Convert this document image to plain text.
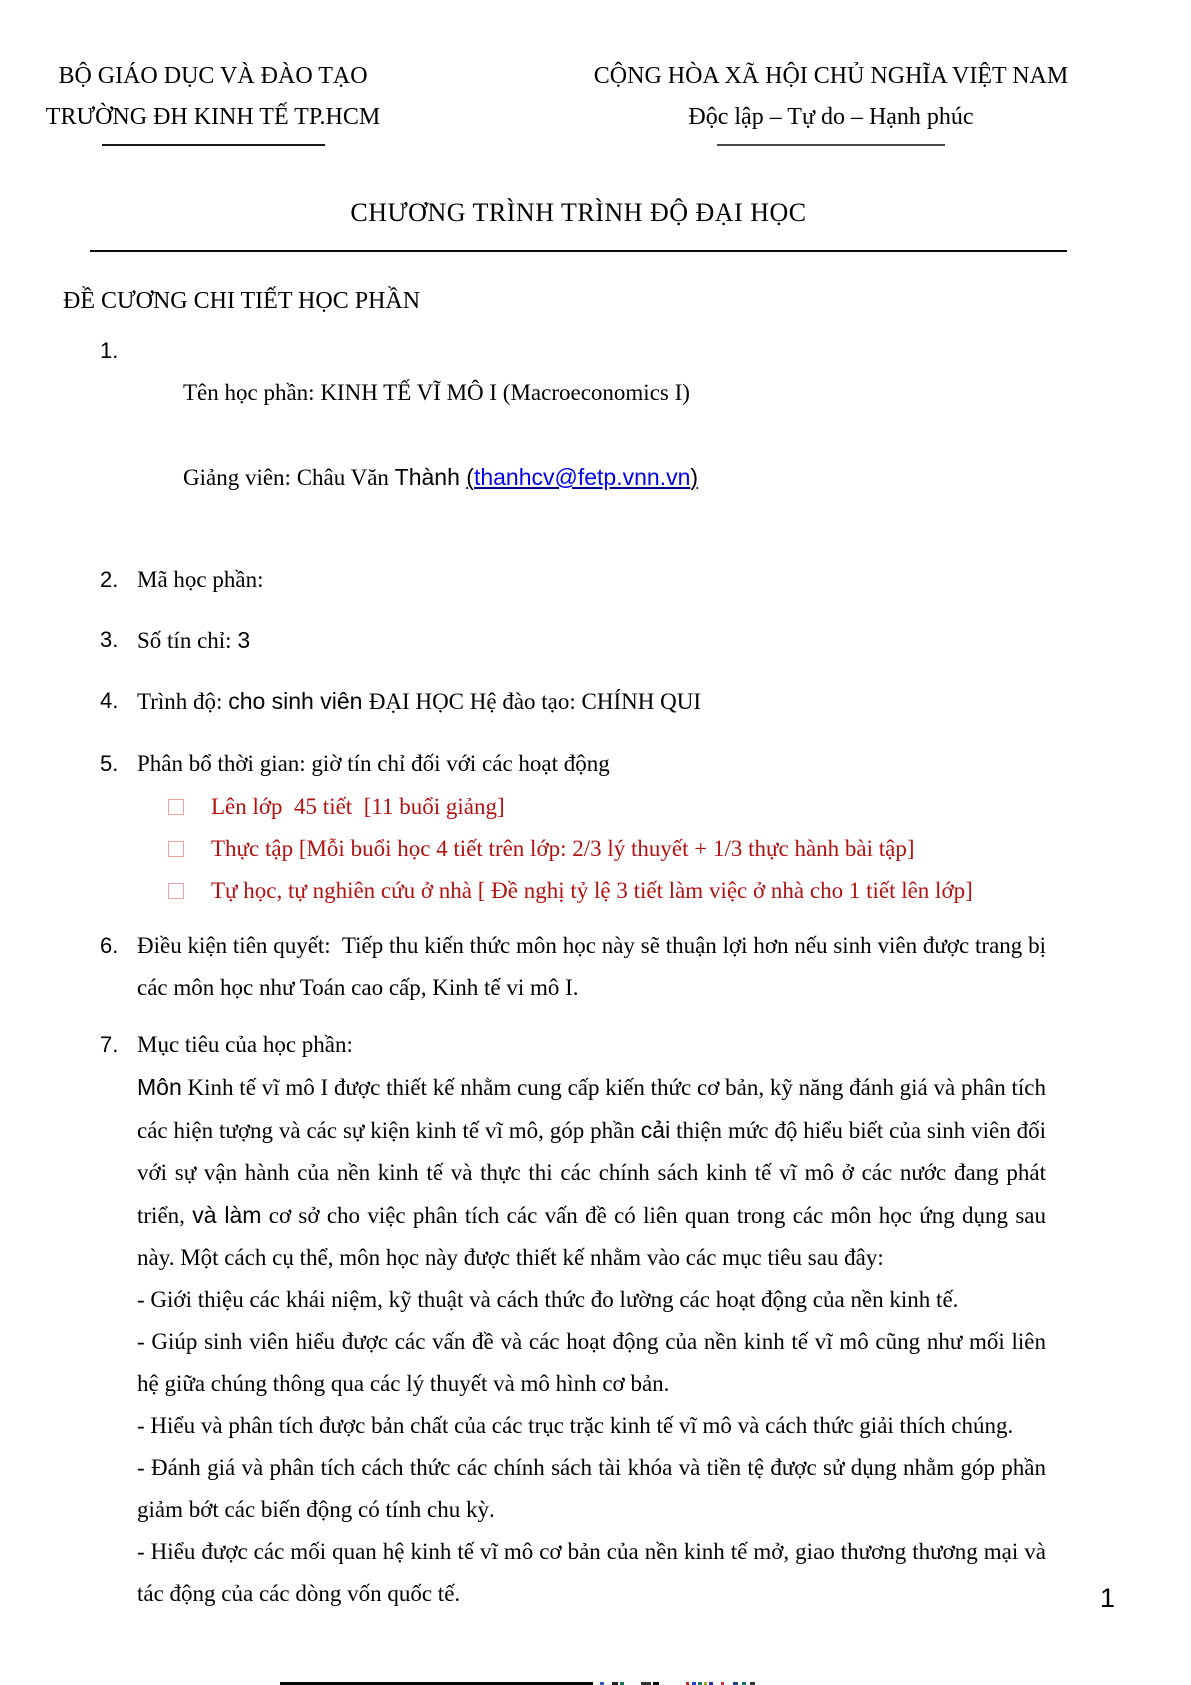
BỘ GIÁO DỤC VÀ ĐÀO TẠO
TRƯỜNG ĐH KINH TẾ TP.HCM
CỘNG HÒA XÃ HỘI CHỦ NGHĨA VIỆT NAM
Độc lập – Tự do – Hạnh phúc
CHƯƠNG TRÌNH TRÌNH ĐỘ ĐẠI HỌC
ĐỀ CƯƠNG CHI TIẾT HỌC PHẦN
1.

Tên học phần: KINH TẾ VĨ MÔ I (Macroeconomics I)

Giảng viên: Châu Văn Thành (thanhcv@fetp.vnn.vn)

2. Mã học phần:
3. Số tín chỉ: 3
4. Trình độ: cho sinh viên ĐẠI HỌC Hệ đào tạo: CHÍNH QUI
5. Phân bổ thời gian: giờ tín chỉ đối với các hoạt động
Lên lớp  45 tiết  [11 buổi giảng]
Thực tập [Mỗi buổi học 4 tiết trên lớp: 2/3 lý thuyết + 1/3 thực hành bài tập]
Tự học, tự nghiên cứu ở nhà [ Đề nghị tỷ lệ 3 tiết làm việc ở nhà cho 1 tiết lên lớp]
6. Điều kiện tiên quyết:  Tiếp thu kiến thức môn học này sẽ thuận lợi hơn nếu sinh viên được trang bị các môn học như Toán cao cấp, Kinh tế vi mô I.
7. Mục tiêu của học phần:
Môn Kinh tế vĩ mô I được thiết kế nhằm cung cấp kiến thức cơ bản, kỹ năng đánh giá và phân tích các hiện tượng và các sự kiện kinh tế vĩ mô, góp phần cải thiện mức độ hiểu biết của sinh viên đối với sự vận hành của nền kinh tế và thực thi các chính sách kinh tế vĩ mô ở các nước đang phát triển, và làm cơ sở cho việc phân tích các vấn đề có liên quan trong các môn học ứng dụng sau này. Một cách cụ thể, môn học này được thiết kế nhằm vào các mục tiêu sau đây:
- Giới thiệu các khái niệm, kỹ thuật và cách thức đo lường các hoạt động của nền kinh tế.
- Giúp sinh viên hiểu được các vấn đề và các hoạt động của nền kinh tế vĩ mô cũng như mối liên hệ giữa chúng thông qua các lý thuyết và mô hình cơ bản.
- Hiểu và phân tích được bản chất của các trục trặc kinh tế vĩ mô và cách thức giải thích chúng.
- Đánh giá và phân tích cách thức các chính sách tài khóa và tiền tệ được sử dụng nhằm góp phần giảm bớt các biến động có tính chu kỳ.
- Hiểu được các mối quan hệ kinh tế vĩ mô cơ bản của nền kinh tế mở, giao thương thương mại và tác động của các dòng vốn quốc tế.	1
